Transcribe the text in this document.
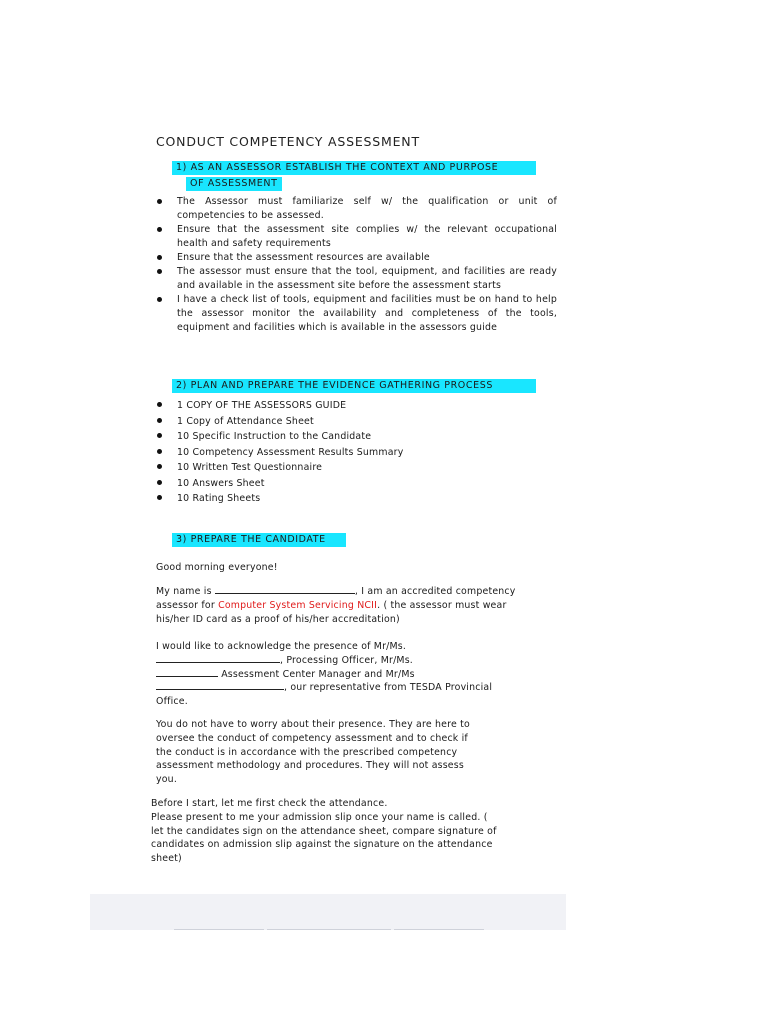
CONDUCT COMPETENCY ASSESSMENT
1) AS AN ASSESSOR ESTABLISH THE CONTEXT AND PURPOSE
OF ASSESSMENT
The Assessor must familiarize self w/ the qualification or unit of competencies to be assessed.
Ensure that the assessment site complies w/ the relevant occupational health and safety requirements
Ensure that the assessment resources are available
The assessor must ensure that the tool, equipment, and facilities are ready and available in the assessment site before the assessment starts
I have a check list of tools, equipment and facilities must be on hand to help the assessor monitor the availability and completeness of the tools, equipment and facilities which is available in the assessors guide
2) PLAN AND PREPARE THE EVIDENCE GATHERING PROCESS
1 COPY OF THE ASSESSORS GUIDE
1 Copy of Attendance Sheet
10 Specific Instruction to the Candidate
10 Competency Assessment Results Summary
10 Written Test Questionnaire
10 Answers Sheet
10 Rating Sheets
3) PREPARE THE CANDIDATE

Good morning everyone!

My name is	, I am an accredited competency assessor for Computer System Servicing NCII. ( the assessor must wear his/her ID card as a proof of his/her accreditation)

I would like to acknowledge the presence of Mr/Ms.
, Processing Officer, Mr/Ms.
Assessment Center Manager and Mr/Ms
, our representative from TESDA Provincial Office.

You do not have to worry about their presence. They are here to oversee the conduct of competency assessment and to check if the conduct is in accordance with the prescribed competency assessment methodology and procedures. They will not assess you.

Before I start, let me first check the attendance.
Please present to me your admission slip once your name is called. (
let the candidates sign on the attendance sheet, compare signature of
candidates on admission slip against the signature on the attendance sheet)
